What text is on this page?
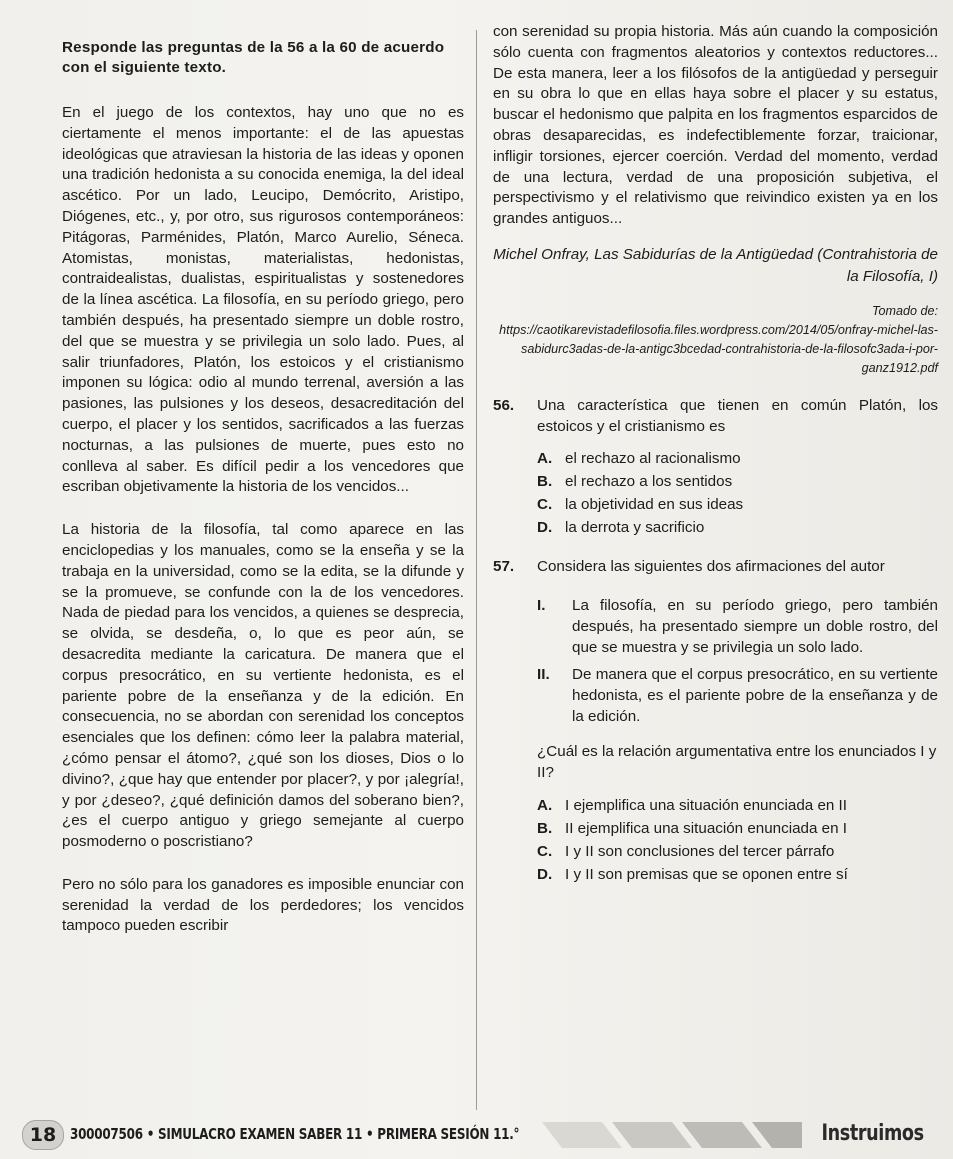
Responde las preguntas de la 56 a la 60 de acuerdo con el siguiente texto.

En el juego de los contextos, hay uno que no es ciertamente el menos importante: el de las apuestas ideológicas que atraviesan la historia de las ideas y oponen una tradición hedonista a su conocida enemiga, la del ideal ascético. Por un lado, Leucipo, Demócrito, Aristipo, Diógenes, etc., y, por otro, sus rigurosos contemporáneos: Pitágoras, Parménides, Platón, Marco Aurelio, Séneca. Atomistas, monistas, materialistas, hedonistas, contraidealistas, dualistas, espiritualistas y sostenedores de la línea ascética. La filosofía, en su período griego, pero también después, ha presentado siempre un doble rostro, del que se muestra y se privilegia un solo lado. Pues, al salir triunfadores, Platón, los estoicos y el cristianismo imponen su lógica: odio al mundo terrenal, aversión a las pasiones, las pulsiones y los deseos, desacreditación del cuerpo, el placer y los sentidos, sacrificados a las fuerzas nocturnas, a las pulsiones de muerte, pues esto no conlleva al saber. Es difícil pedir a los vencedores que escriban objetivamente la historia de los vencidos...

La historia de la filosofía, tal como aparece en las enciclopedias y los manuales, como se la enseña y se la trabaja en la universidad, como se la edita, se la difunde y se la promueve, se confunde con la de los vencedores. Nada de piedad para los vencidos, a quienes se desprecia, se olvida, se desdeña, o, lo que es peor aún, se desacredita mediante la caricatura. De manera que el corpus presocrático, en su vertiente hedonista, es el pariente pobre de la enseñanza y de la edición. En consecuencia, no se abordan con serenidad los conceptos esenciales que los definen: cómo leer la palabra material, ¿cómo pensar el átomo?, ¿qué son los dioses, Dios o lo divino?, ¿que hay que entender por placer?, y por ¡alegría!, y por ¿deseo?, ¿qué definición damos del soberano bien?, ¿es el cuerpo antiguo y griego semejante al cuerpo posmoderno o poscristiano?

Pero no sólo para los ganadores es imposible enunciar con serenidad la verdad de los perdedores; los vencidos tampoco pueden escribir

con serenidad su propia historia. Más aún cuando la composición sólo cuenta con fragmentos aleatorios y contextos reductores... De esta manera, leer a los filósofos de la antigüedad y perseguir en su obra lo que en ellas haya sobre el placer y su estatus, buscar el hedonismo que palpita en los fragmentos esparcidos de obras desaparecidas, es indefectiblemente forzar, traicionar, infligir torsiones, ejercer coerción. Verdad del momento, verdad de una lectura, verdad de una proposición subjetiva, el perspectivismo y el relativismo que reivindico existen ya en los grandes antiguos...

Michel Onfray, Las Sabidurías de la Antigüedad (Contrahistoria de la Filosofía, I)

Tomado de: https://caotikarevistadefilosofia.files.wordpress.com/2014/05/onfray-michel-las-sabidurc3adas-de-la-antigc3bcedad-contrahistoria-de-la-filosofc3ada-i-por-ganz1912.pdf

56. Una característica que tienen en común Platón, los estoicos y el cristianismo es
A. el rechazo al racionalismo
B. el rechazo a los sentidos
C. la objetividad en sus ideas
D. la derrota y sacrificio
57. Considera las siguientes dos afirmaciones del autor
I. La filosofía, en su período griego, pero también después, ha presentado siempre un doble rostro, del que se muestra y se privilegia un solo lado.
II. De manera que el corpus presocrático, en su vertiente hedonista, es el pariente pobre de la enseñanza y de la edición.

¿Cuál es la relación argumentativa entre los enunciados I y II?

A. I ejemplifica una situación enunciada en II
B. II ejemplifica una situación enunciada en I
C. I y II son conclusiones del tercer párrafo
D. I y II son premisas que se oponen entre sí
18 300007506 • SIMULACRO EXAMEN SABER 11 • PRIMERA SESIÓN 11.°	Instruimos
